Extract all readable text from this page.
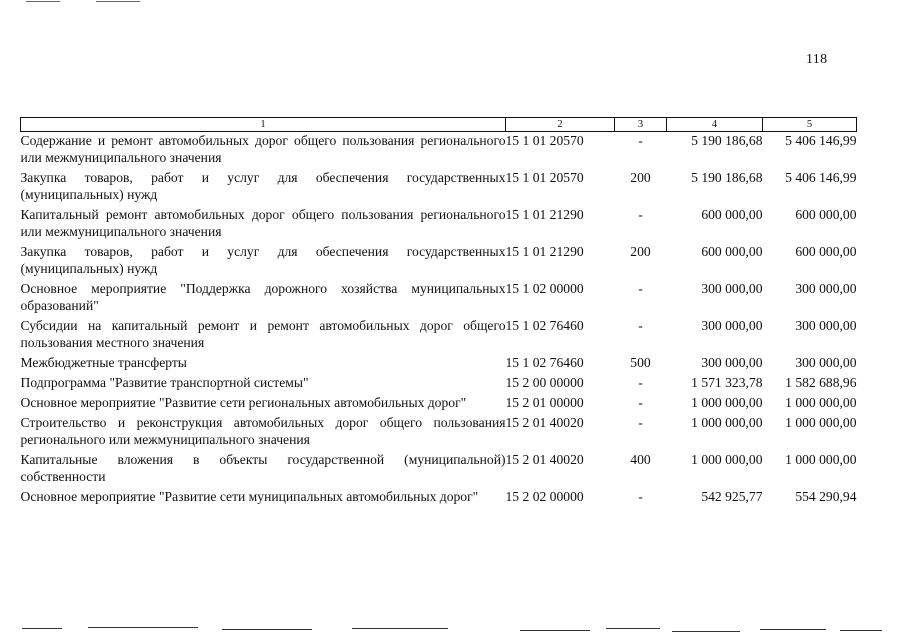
118
1	2	3	4	5
Содержание и ремонт автомобильных дорог общего пользования регионального или межмуниципального значения	15 1 01 20570	-	5 190 186,68	5 406 146,99
Закупка товаров, работ и услуг для обеспечения государственных (муниципальных) нужд	15 1 01 20570	200	5 190 186,68	5 406 146,99
Капитальный ремонт автомобильных дорог общего пользования регионального или межмуниципального значения	15 1 01 21290	-	600 000,00	600 000,00
Закупка товаров, работ и услуг для обеспечения государственных (муниципальных) нужд	15 1 01 21290	200	600 000,00	600 000,00
Основное мероприятие "Поддержка дорожного хозяйства муниципальных образований"	15 1 02 00000	-	300 000,00	300 000,00
Субсидии на капитальный ремонт и ремонт автомобильных дорог общего пользования местного значения	15 1 02 76460	-	300 000,00	300 000,00
Межбюджетные трансферты	15 1 02 76460	500	300 000,00	300 000,00
Подпрограмма "Развитие транспортной системы"	15 2 00 00000	-	1 571 323,78	1 582 688,96
Основное мероприятие "Развитие сети региональных автомобильных дорог"	15 2 01 00000	-	1 000 000,00	1 000 000,00
Строительство и реконструкция автомобильных дорог общего пользования регионального или межмуниципального значения	15 2 01 40020	-	1 000 000,00	1 000 000,00
Капитальные вложения в объекты государственной (муниципальной) собственности	15 2 01 40020	400	1 000 000,00	1 000 000,00
Основное мероприятие "Развитие сети муниципальных автомобильных дорог"	15 2 02 00000	-	542 925,77	554 290,94
